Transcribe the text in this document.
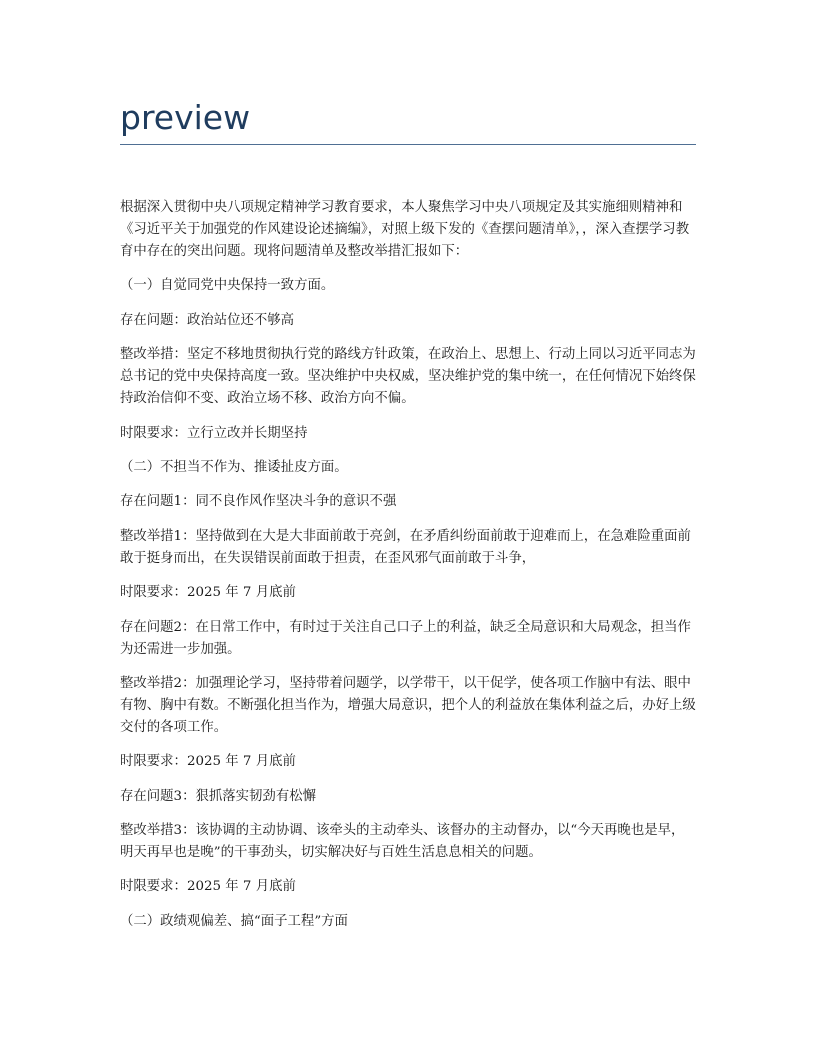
preview

根据深入贯彻中央八项规定精神学习教育要求，本人聚焦学习中央八项规定及其实施细则精神和《习近平关于加强党的作风建设论述摘编》，对照上级下发的《查摆问题清单》，，深入查摆学习教育中存在的突出问题。现将问题清单及整改举措汇报如下：

（一）自觉同党中央保持一致方面。

存在问题：政治站位还不够高

整改举措：坚定不移地贯彻执行党的路线方针政策，在政治上、思想上、行动上同以习近平同志为总书记的党中央保持高度一致。坚决维护中央权威，坚决维护党的集中统一，在任何情况下始终保持政治信仰不变、政治立场不移、政治方向不偏。

时限要求：立行立改并长期坚持

（二）不担当不作为、推诿扯皮方面。

存在问题1：同不良作风作坚决斗争的意识不强

整改举措1：坚持做到在大是大非面前敢于亮剑，在矛盾纠纷面前敢于迎难而上，在急难险重面前敢于挺身而出，在失误错误前面敢于担责，在歪风邪气面前敢于斗争，

时限要求：2025 年 7 月底前

存在问题2：在日常工作中，有时过于关注自己口子上的利益，缺乏全局意识和大局观念，担当作为还需进一步加强。

整改举措2：加强理论学习，坚持带着问题学，以学带干，以干促学，使各项工作脑中有法、眼中有物、胸中有数。不断强化担当作为，增强大局意识，把个人的利益放在集体利益之后，办好上级交付的各项工作。

时限要求：2025 年 7 月底前

存在问题3：狠抓落实韧劲有松懈

整改举措3：该协调的主动协调、该牵头的主动牵头、该督办的主动督办，以“今天再晚也是早，明天再早也是晚”的干事劲头，切实解决好与百姓生活息息相关的问题。

时限要求：2025 年 7 月底前

（二）政绩观偏差、搞“面子工程”方面
